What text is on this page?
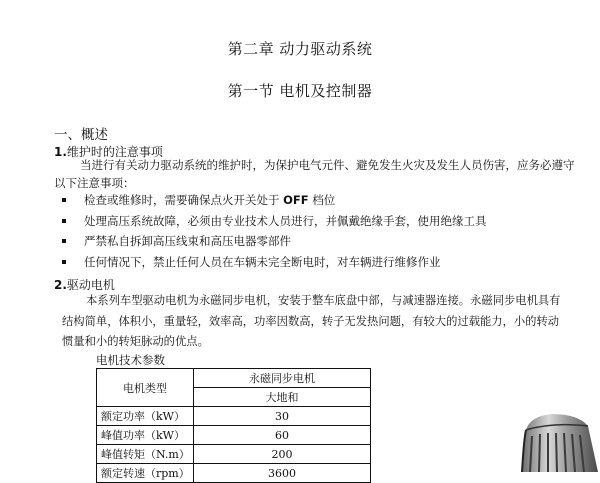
第二章 动力驱动系统
第一节 电机及控制器
一、概述
1.维护时的注意事项
当进行有关动力驱动系统的维护时，为保护电气元件、避免发生火灾及发生人员伤害，应务必遵守
以下注意事项：
检查或维修时，需要确保点火开关处于 OFF 档位
处理高压系统故障，必须由专业技术人员进行，并佩戴绝缘手套，使用绝缘工具
严禁私自拆卸高压线束和高压电器零部件
任何情况下，禁止任何人员在车辆未完全断电时，对车辆进行维修作业
2.驱动电机
本系列车型驱动电机为永磁同步电机，安装于整车底盘中部，与减速器连接。永磁同步电机具有
结构简单，体积小，重量轻，效率高，功率因数高，转子无发热问题，有较大的过载能力，小的转动
惯量和小的转矩脉动的优点。
电机技术参数
电机类型	永磁同步电机
	大地和
额定功率（kW）	30
峰值功率（kW）	60
峰值转矩（N.m）	200
额定转速（rpm）	3600
